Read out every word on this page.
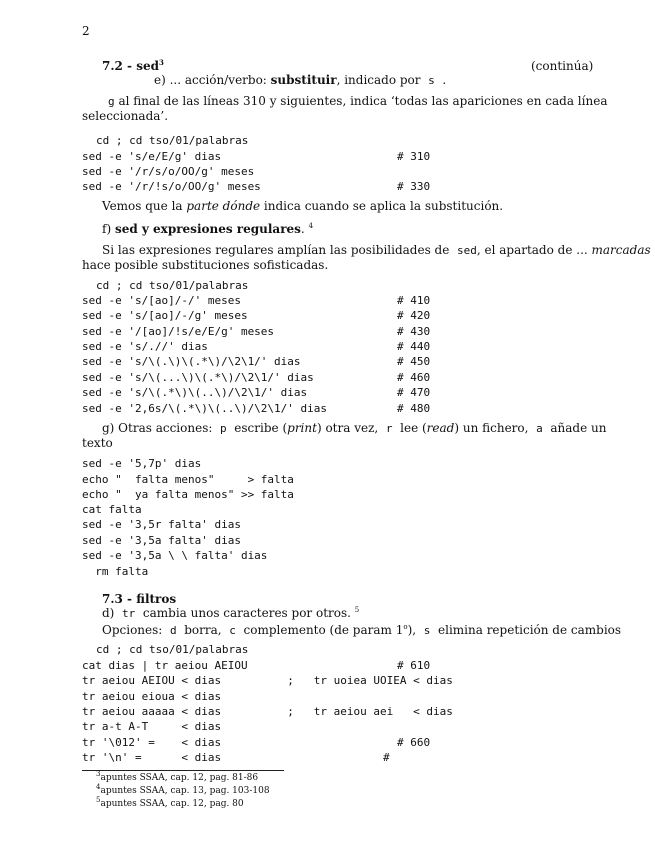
2
7.2 - sed$^3$	(continúa)
e) ... acción/verbo: substituir, indicado por s .
g al final de las líneas 310 y siguientes, indica ‘todas las apariciones en cada línea
seleccionada’.
cd ; cd tso/01/palabras
sed -e 's/e/E/g' dias	# 310
sed -e '/r/s/o/OO/g' meses
sed -e '/r/!s/o/OO/g' meses	# 330
Vemos que la parte dónde indica cuando se aplica la substitución.
f) sed y expresiones regulares. $^4$
Si las expresiones regulares amplían las posibilidades de sed, el apartado de ... marcadas
hace posible substituciones sofisticadas.
cd ; cd tso/01/palabras
sed -e 's/[ao]/-/' meses	# 410
sed -e 's/[ao]/-/g' meses	# 420
sed -e '/[ao]/!s/e/E/g' meses	# 430
sed -e 's/.//' dias	# 440
sed -e 's/\(.\)\(.*\)/\2\1/' dias	# 450
sed -e 's/\(...\)\(.*\)/\2\1/' dias	# 460
sed -e 's/\(.*\)\(..\)/\2\1/' dias	# 470
sed -e '2,6s/\(.*\)\(..\)/\2\1/' dias	# 480
g) Otras acciones: p escribe (print) otra vez, r lee (read) un fichero, a añade un
texto
sed -e '5,7p' dias
echo "  falta menos"     > falta
echo "  ya falta menos" >> falta
cat falta
sed -e '3,5r falta' dias
sed -e '3,5a falta' dias
sed -e '3,5a \ \ falta' dias
rm falta
7.3 - filtros
d) tr cambia unos caracteres por otros. $^5$
Opciones: d borra, c complemento (de param 1$^o$), s elimina repetición de cambios
cd ; cd tso/01/palabras
cat dias | tr aeiou AEIOU	# 610
tr aeiou AEIOU < dias          ;   tr uoiea UOIEA < dias
tr aeiou eioua < dias
tr aeiou aaaaa < dias          ;   tr aeiou aei   < dias
tr a-t A-T     < dias
tr '\012' =    < dias	# 660
tr '\n' =      < dias	#
$^3$apuntes SSAA, cap. 12, pag. 81-86
$^4$apuntes SSAA, cap. 13, pag. 103-108
$^5$apuntes SSAA, cap. 12, pag. 80
